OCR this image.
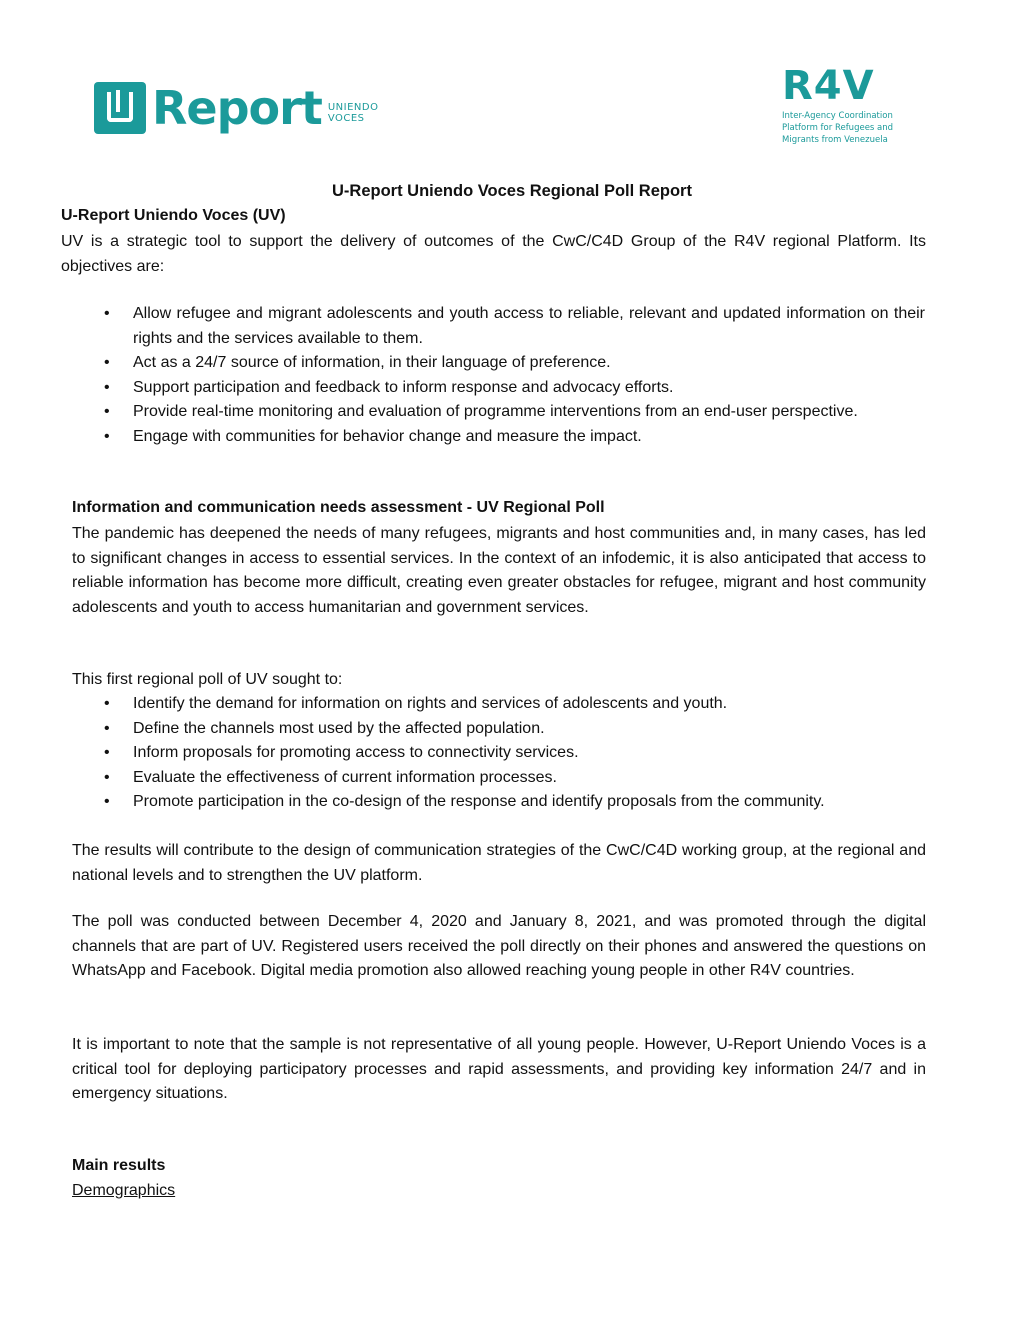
Report UNIENDO
VOCES
R4V
Inter-Agency Coordination
Platform for Refugees and
Migrants from Venezuela
U-Report Uniendo Voces Regional Poll Report
U-Report Uniendo Voces (UV)
UV is a strategic tool to support the delivery of outcomes of the CwC/C4D Group of the R4V regional Platform. Its objectives are:
• Allow refugee and migrant adolescents and youth access to reliable, relevant and updated information on their rights and the services available to them.
• Act as a 24/7 source of information, in their language of preference.
• Support participation and feedback to inform response and advocacy efforts.
• Provide real-time monitoring and evaluation of programme interventions from an end-user perspective.
• Engage with communities for behavior change and measure the impact.
Information and communication needs assessment - UV Regional Poll
The pandemic has deepened the needs of many refugees, migrants and host communities and, in many cases, has led to significant changes in access to essential services. In the context of an infodemic, it is also anticipated that access to reliable information has become more difficult, creating even greater obstacles for refugee, migrant and host community adolescents and youth to access humanitarian and government services.
This first regional poll of UV sought to:
• Identify the demand for information on rights and services of adolescents and youth.
• Define the channels most used by the affected population.
• Inform proposals for promoting access to connectivity services.
• Evaluate the effectiveness of current information processes.
• Promote participation in the co-design of the response and identify proposals from the community.
The results will contribute to the design of communication strategies of the CwC/C4D working group, at the regional and national levels and to strengthen the UV platform.
The poll was conducted between December 4, 2020 and January 8, 2021, and was promoted through the digital channels that are part of UV. Registered users received the poll directly on their phones and answered the questions on WhatsApp and Facebook. Digital media promotion also allowed reaching young people in other R4V countries.
It is important to note that the sample is not representative of all young people. However, U-Report Uniendo Voces is a critical tool for deploying participatory processes and rapid assessments, and providing key information 24/7 and in emergency situations.
Main results
Demographics
